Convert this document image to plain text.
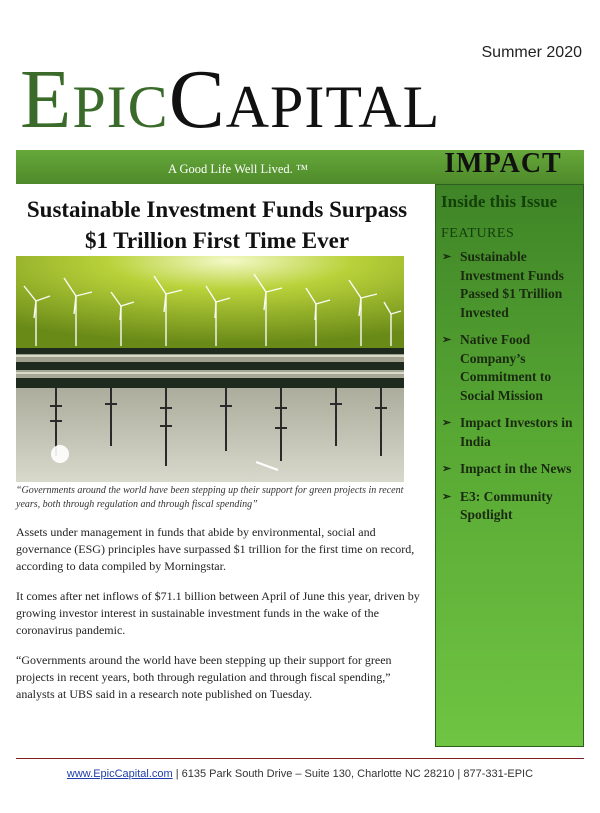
Summer 2020
EPICCAPITAL
A Good Life Well Lived. ™	IMPACT
Inside this Issue
FEATURES
➢ Sustainable Investment Funds Passed $1 Trillion Invested
➢ Native Food Company’s Commitment to Social Mission
➢ Impact Investors in India
➢ Impact in the News
➢ E3: Community Spotlight
Sustainable Investment Funds Surpass $1 Trillion First Time Ever
“Governments around the world have been stepping up their support for green projects in recent years, both through regulation and through fiscal spending”

Assets under management in funds that abide by environmental, social and governance (ESG) principles have surpassed $1 trillion for the first time on record, according to data compiled by Morningstar.

It comes after net inflows of $71.1 billion between April of June this year, driven by growing investor interest in sustainable investment funds in the wake of the coronavirus pandemic.

“Governments around the world have been stepping up their support for green projects in recent years, both through regulation and through fiscal spending,” analysts at UBS said in a research note published on Tuesday.

www.EpicCapital.com | 6135 Park South Drive – Suite 130, Charlotte NC 28210 | 877-331-EPIC
